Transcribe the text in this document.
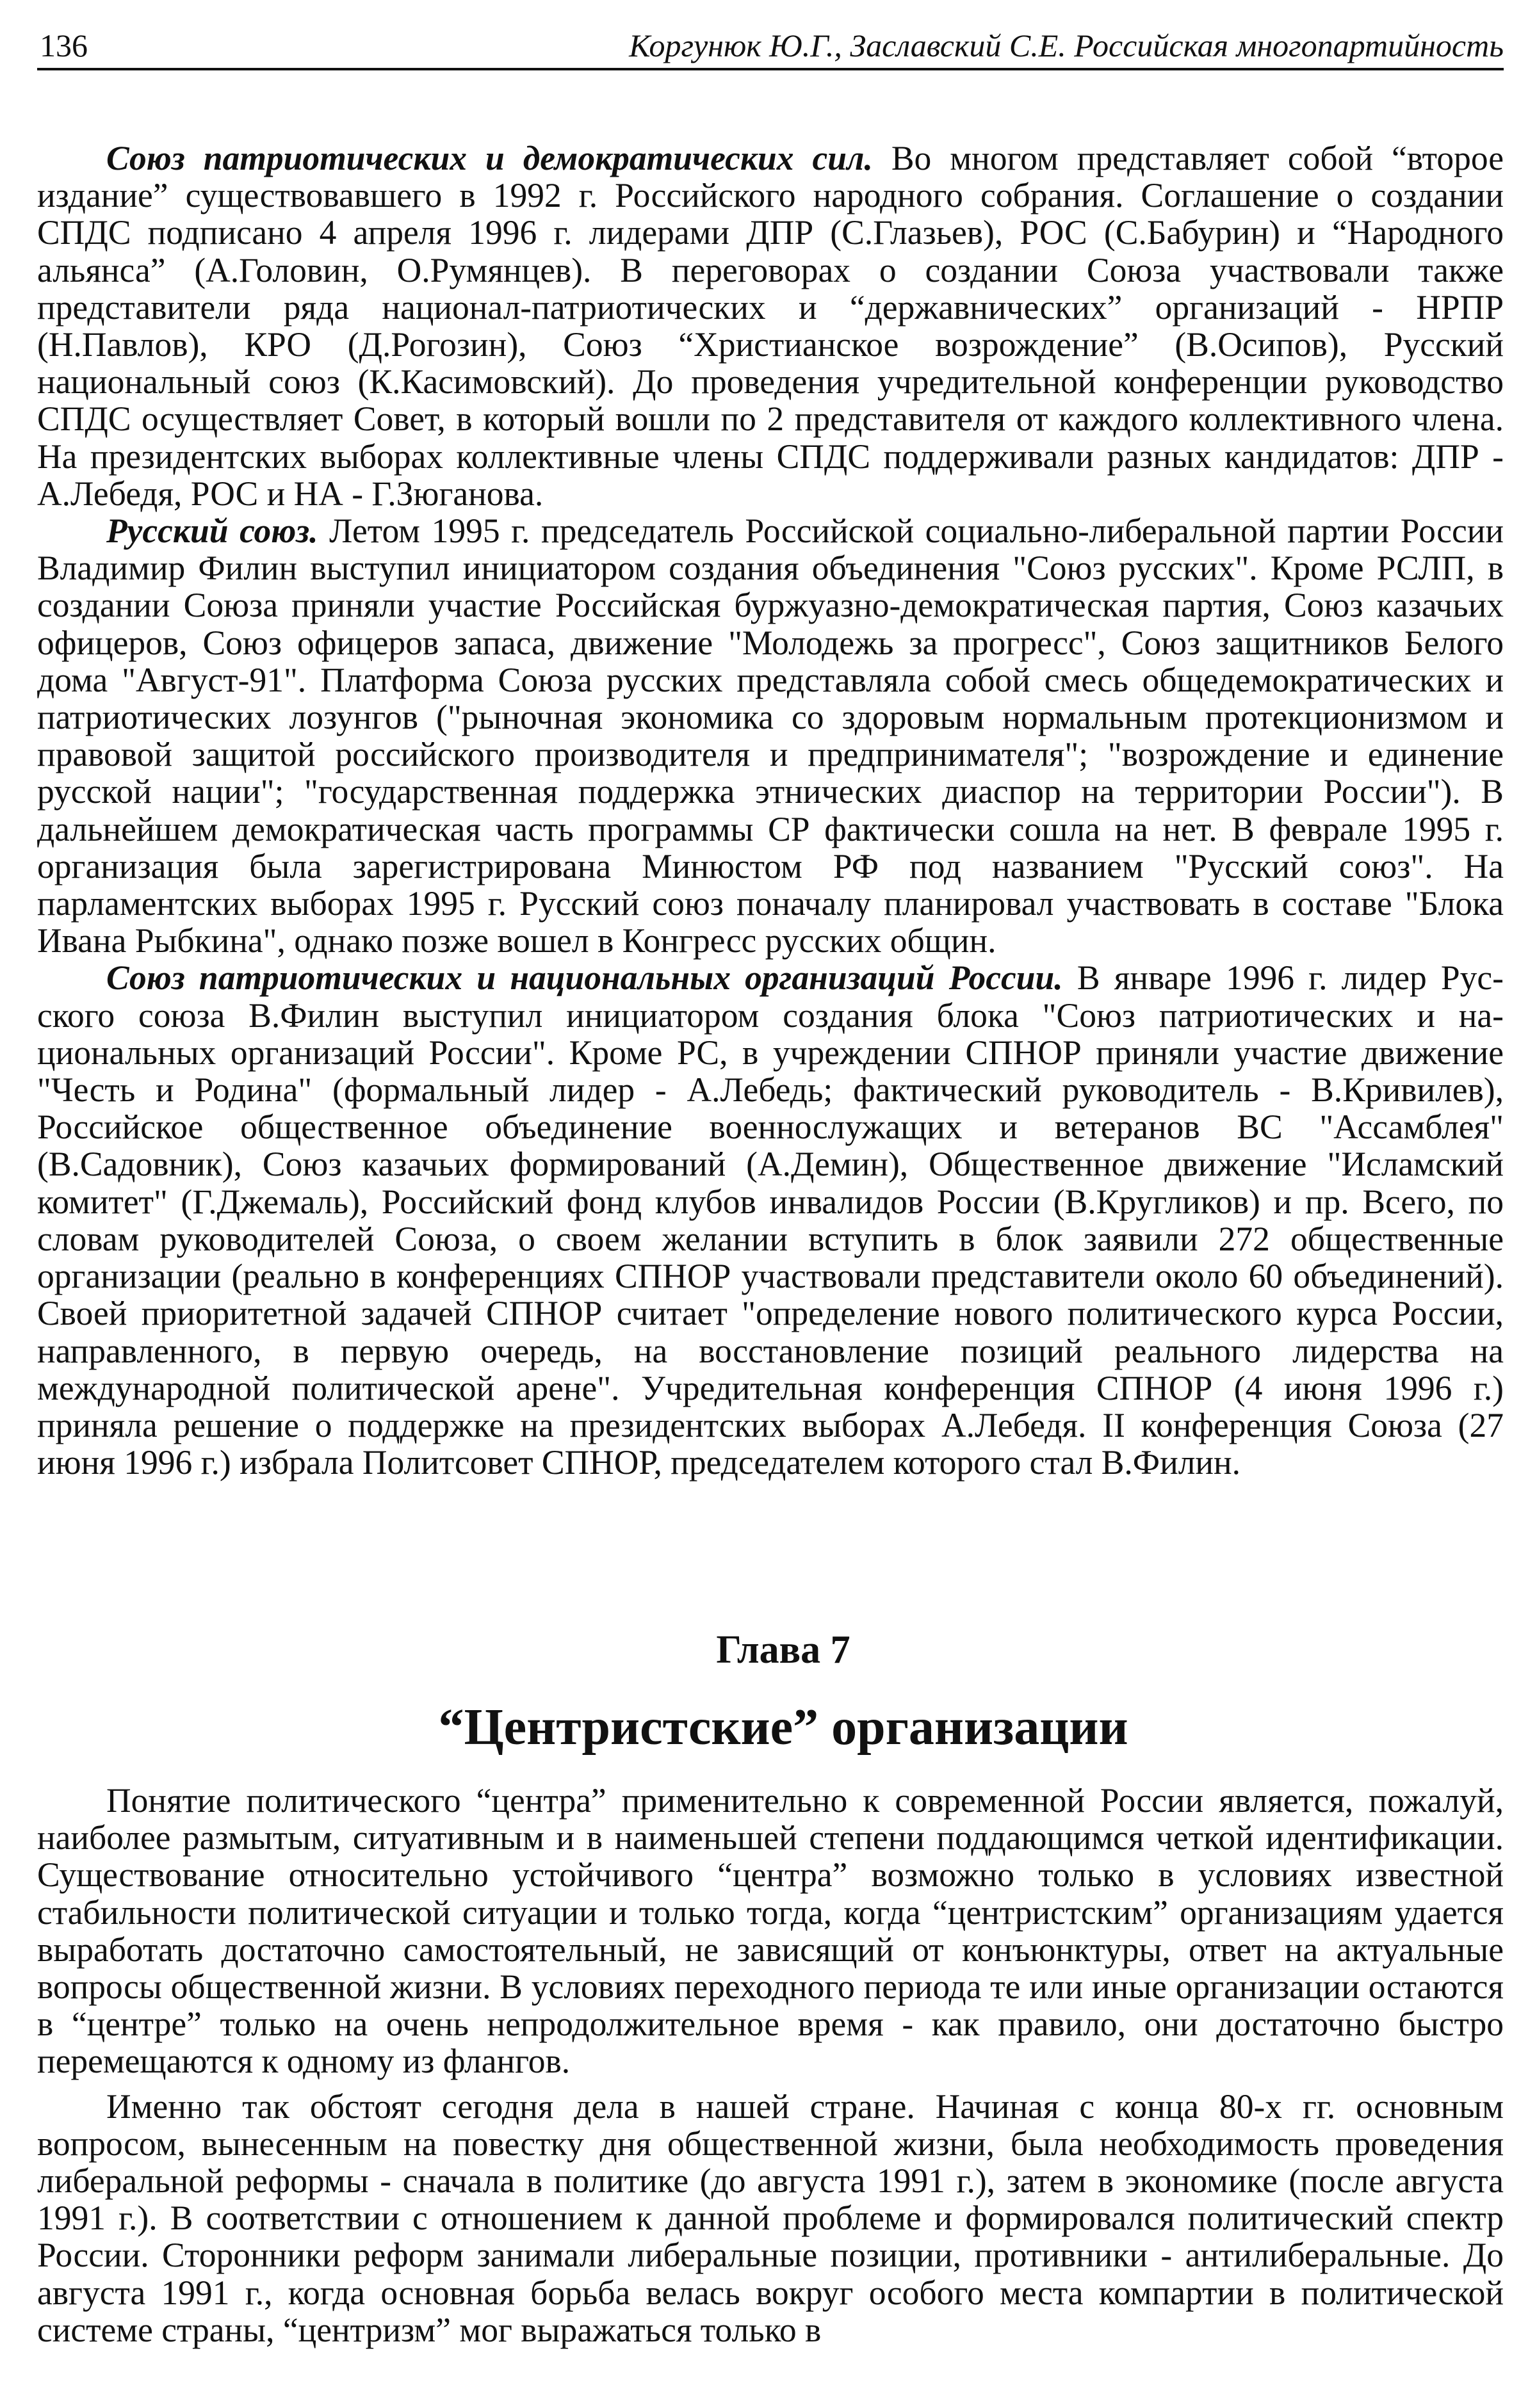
136	Коргунюк Ю.Г., Заславский С.Е. Российская многопартийность

Союз патриотических и демократических сил. Во многом представляет собой “второе издание” существовавшего в 1992 г. Российского народного собрания. Соглашение о создании СПДС подписано 4 апреля 1996 г. лидерами ДПР (С.Глазьев), РОС (С.Бабурин) и “Народного альянса” (А.Головин, О.Румянцев). В переговорах о создании Союза участвовали также представители ряда национал-патриотических и “державнических” организаций - НРПР (Н.Павлов), КРО (Д.Рогозин), Союз “Христианское возрождение” (В.Осипов), Русский национальный союз (К.Касимовский). До проведения учредительной конференции руководство СПДС осуществляет Совет, в который вошли по 2 представителя от каждого коллективного члена. На президентских выборах коллективные члены СПДС поддерживали разных кандидатов: ДПР - А.Лебедя, РОС и НА - Г.Зюганова.

Русский союз. Летом 1995 г. председатель Российской социально-либеральной партии России Владимир Филин выступил инициатором создания объединения "Союз русских". Кроме РСЛП, в создании Союза приняли участие Российская буржуазно-демократическая партия, Союз казачьих офицеров, Союз офицеров запаса, движение "Молодежь за прогресс", Союз защитников Белого дома "Август-91". Платформа Союза русских представляла собой смесь общедемократических и патриотических лозунгов ("рыночная экономика со здоровым нормальным протекционизмом и правовой защитой российского производителя и предпринимателя"; "возрождение и единение русской нации"; "государственная поддержка этнических диаспор на территории России"). В дальнейшем демократическая часть программы СР фактически сошла на нет. В феврале 1995 г. организация была зарегистрирована Минюстом РФ под названием "Русский союз". На парламентских выборах 1995 г. Русский союз поначалу планировал участвовать в составе "Блока Ивана Рыбкина", однако позже вошел в Конгресс русских общин.

Союз патриотических и национальных организаций России. В январе 1996 г. лидер Русского союза В.Филин выступил инициатором создания блока "Союз патриотических и национальных организаций России". Кроме РС, в учреждении СПНОР приняли участие движение "Честь и Родина" (формальный лидер - А.Лебедь; фактический руководитель - В.Кривилев), Российское общественное объединение военнослужащих и ветеранов ВС "Ассамблея" (В.Садовник), Союз казачьих формирований (А.Демин), Общественное движение "Исламский комитет" (Г.Джемаль), Российский фонд клубов инвалидов России (В.Кругликов) и пр. Всего, по словам руководителей Союза, о своем желании вступить в блок заявили 272 общественные организации (реально в конференциях СПНОР участвовали представители около 60 объединений). Своей приоритетной задачей СПНОР считает "определение нового политического курса России, направленного, в первую очередь, на восстановление позиций реального лидерства на международной политической арене". Учредительная конференция СПНОР (4 июня 1996 г.) приняла решение о поддержке на президентских выборах А.Лебедя. II конференция Союза (27 июня 1996 г.) избрала Политсовет СПНОР, председателем которого стал В.Филин.

Глава 7
“Центристские” организации

Понятие политического “центра” применительно к современной России является, пожалуй, наиболее размытым, ситуативным и в наименьшей степени поддающимся четкой идентификации. Существование относительно устойчивого “центра” возможно только в условиях известной стабильности политической ситуации и только тогда, когда “центристским” организациям удается выработать достаточно самостоятельный, не зависящий от конъюнктуры, ответ на актуальные вопросы общественной жизни. В условиях переходного периода те или иные организации остаются в “центре” только на очень непродолжительное время - как правило, они достаточно быстро перемещаются к одному из флангов.

Именно так обстоят сегодня дела в нашей стране. Начиная с конца 80-х гг. основным вопросом, вынесенным на повестку дня общественной жизни, была необходимость проведения либеральной реформы - сначала в политике (до августа 1991 г.), затем в экономике (после августа 1991 г.). В соответствии с отношением к данной проблеме и формировался политический спектр России. Сторонники реформ занимали либеральные позиции, противники - антилиберальные. До августа 1991 г., когда основная борьба велась вокруг особого места компартии в политической системе страны, “центризм” мог выражаться только в
